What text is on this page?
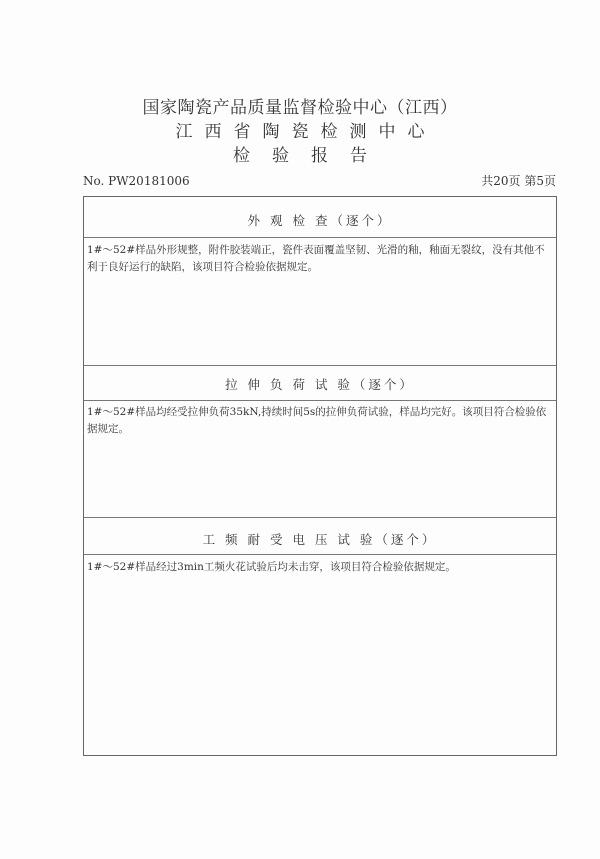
国家陶瓷产品质量监督检验中心（江西）
江西省陶瓷检测中心
检验报告
No. PW20181006	共20页 第5页
外 观 检 查（逐个）
1#～52#样品外形规整，附件胶装端正，瓷件表面覆盖坚韧、光滑的釉，釉面无裂纹，没有其他不利于良好运行的缺陷，该项目符合检验依据规定。
拉 伸 负 荷 试 验（逐个）
1#～52#样品均经受拉伸负荷35kN,持续时间5s的拉伸负荷试验，样品均完好。该项目符合检验依据规定。
工 频 耐 受 电 压 试 验（逐个）
1#～52#样品经过3min工频火花试验后均未击穿，该项目符合检验依据规定。
